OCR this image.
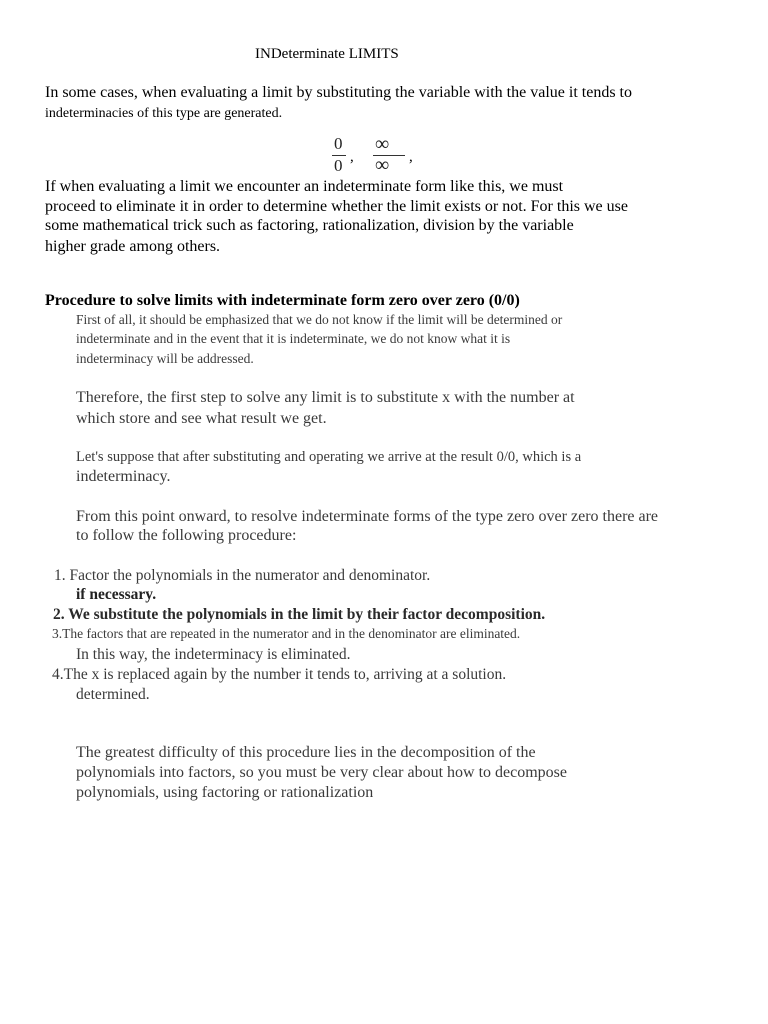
INDeterminate LIMITS
In some cases, when evaluating a limit by substituting the variable with the value it tends to
indeterminacies of this type are generated.
0
0 ,
∞
∞ ,
If when evaluating a limit we encounter an indeterminate form like this, we must
proceed to eliminate it in order to determine whether the limit exists or not. For this we use
some mathematical trick such as factoring, rationalization, division by the variable
higher grade among others.
Procedure to solve limits with indeterminate form zero over zero (0/0)
First of all, it should be emphasized that we do not know if the limit will be determined or
indeterminate and in the event that it is indeterminate, we do not know what it is
indeterminacy will be addressed.
Therefore, the first step to solve any limit is to substitute x with the number at
which store and see what result we get.
Let's suppose that after substituting and operating we arrive at the result 0/0, which is a
indeterminacy.
From this point onward, to resolve indeterminate forms of the type zero over zero there are
to follow the following procedure:
1. Factor the polynomials in the numerator and denominator.
if necessary.
2. We substitute the polynomials in the limit by their factor decomposition.
3.The factors that are repeated in the numerator and in the denominator are eliminated.
In this way, the indeterminacy is eliminated.
4.The x is replaced again by the number it tends to, arriving at a solution.
determined.
The greatest difficulty of this procedure lies in the decomposition of the
polynomials into factors, so you must be very clear about how to decompose
polynomials, using factoring or rationalization
